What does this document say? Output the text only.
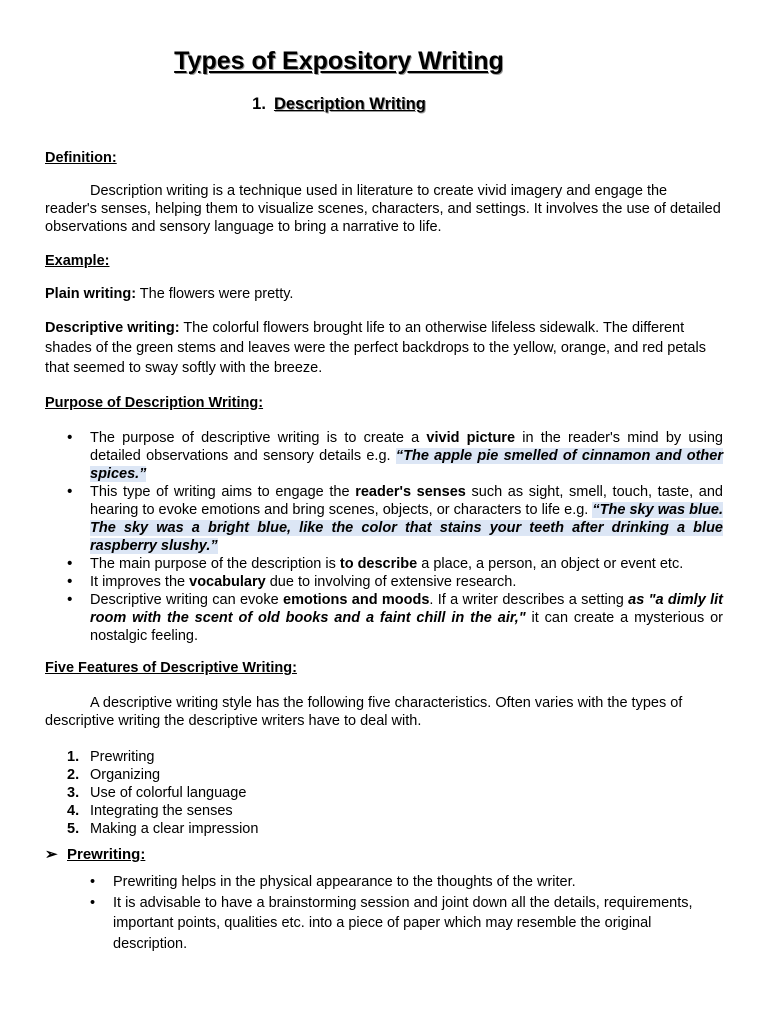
Types of Expository Writing
1. Description Writing

Definition:

Description writing is a technique used in literature to create vivid imagery and engage the reader's senses, helping them to visualize scenes, characters, and settings. It involves the use of detailed observations and sensory language to bring a narrative to life.

Example:

Plain writing: The flowers were pretty.

Descriptive writing: The colorful flowers brought life to an otherwise lifeless sidewalk. The different shades of the green stems and leaves were the perfect backdrops to the yellow, orange, and red petals that seemed to sway softly with the breeze.

Purpose of Description Writing:

• The purpose of descriptive writing is to create a vivid picture in the reader's mind by using detailed observations and sensory details e.g. “The apple pie smelled of cinnamon and other spices.”
• This type of writing aims to engage the reader's senses such as sight, smell, touch, taste, and hearing to evoke emotions and bring scenes, objects, or characters to life e.g. “The sky was blue. The sky was a bright blue, like the color that stains your teeth after drinking a blue raspberry slushy.”
• The main purpose of the description is to describe a place, a person, an object or event etc.
• It improves the vocabulary due to involving of extensive research.
• Descriptive writing can evoke emotions and moods. If a writer describes a setting as "a dimly lit room with the scent of old books and a faint chill in the air," it can create a mysterious or nostalgic feeling.

Five Features of Descriptive Writing:

A descriptive writing style has the following five characteristics. Often varies with the types of descriptive writing the descriptive writers have to deal with.

1. Prewriting
2. Organizing
3. Use of colorful language
4. Integrating the senses
5. Making a clear impression
➢ Prewriting:
• Prewriting helps in the physical appearance to the thoughts of the writer.
• It is advisable to have a brainstorming session and joint down all the details, requirements, important points, qualities etc. into a piece of paper which may resemble the original description.
